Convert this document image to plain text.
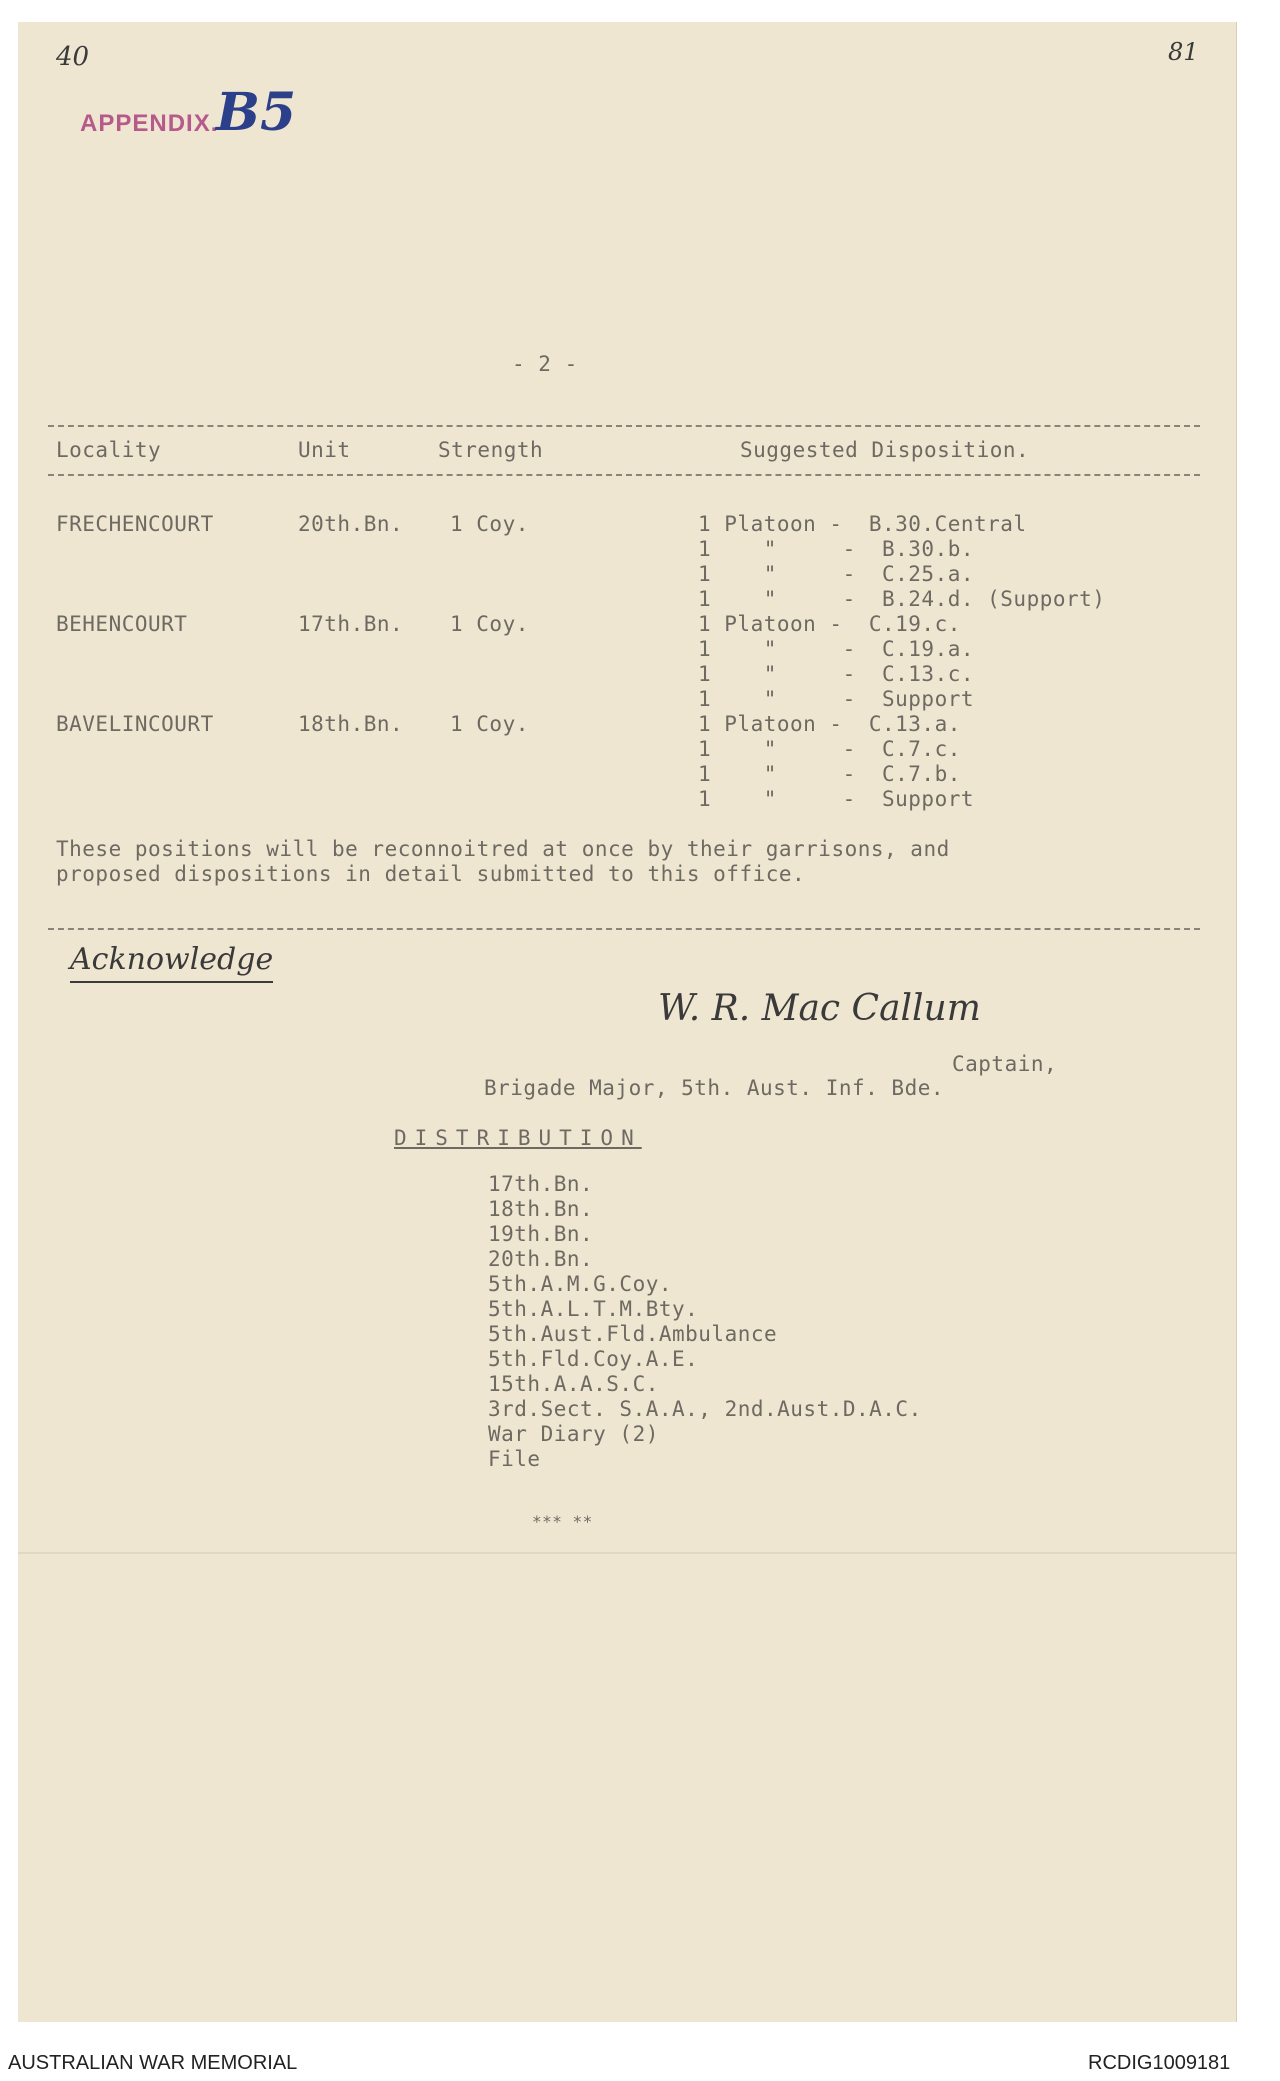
40	81
APPENDIX.
B5
- 2 -
Locality	Unit	Strength	Suggested Disposition.
FRECHENCOURT	20th.Bn. 1 Coy.	1 Platoon -  B.30.Central
1    "     -  B.30.b.
1    "     -  C.25.a.
1    "     -  B.24.d. (Support)
BEHENCOURT	17th.Bn. 1 Coy.	1 Platoon -  C.19.c.
1    "     -  C.19.a.
1    "     -  C.13.c.
1    "     -  Support
BAVELINCOURT	18th.Bn. 1 Coy.	1 Platoon -  C.13.a.
1    "     -  C.7.c.
1    "     -  C.7.b.
1    "     -  Support
These positions will be reconnoitred at once by their garrisons, and
proposed dispositions in detail submitted to this office.
Acknowledge
W. R. Mac Callum
Captain,
Brigade Major, 5th. Aust. Inf. Bde.
DISTRIBUTION
17th.Bn.
18th.Bn.
19th.Bn.
20th.Bn.
5th.A.M.G.Coy.
5th.A.L.T.M.Bty.
5th.Aust.Fld.Ambulance
5th.Fld.Coy.A.E.
15th.A.A.S.C.
3rd.Sect. S.A.A., 2nd.Aust.D.A.C.
War Diary (2)
File
*** **
AUSTRALIAN WAR MEMORIAL	RCDIG1009181
